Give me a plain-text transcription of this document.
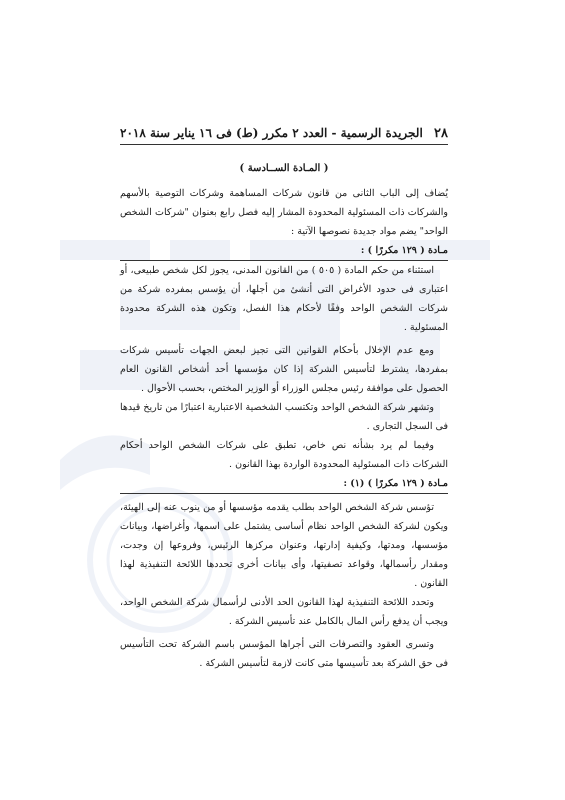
٢٨
الجريدة الرسمية - العدد ٢ مكرر (ط) فى ١٦ يناير سنة ٢٠١٨
( المـادة الســادسة )

يُضاف إلى الباب الثانى من قانون شركات المساهمة وشركات التوصية بالأسهم والشركات ذات المسئولية المحدودة المشار إليه فصل رابع بعنوان "شركات الشخص الواحد" يضم مواد جديدة نصوصها الآتية :

مـادة ( ١٢٩ مكررًا ) :

استثناء من حكم المادة ( ٥٠٥ ) من القانون المدنى، يجوز لكل شخص طبيعى، أو اعتبارى فى حدود الأغراض التى أنشئ من أجلها، أن يؤسس بمفرده شركة من شركات الشخص الواحد وفقًا لأحكام هذا الفصل، وتكون هذه الشركة محدودة المسئولية .

ومع عدم الإخلال بأحكام القوانين التى تجيز لبعض الجهات تأسيس شركات بمفردها، يشترط لتأسيس الشركة إذا كان مؤسسها أحد أشخاص القانون العام الحصول على موافقة رئيس مجلس الوزراء أو الوزير المختص، بحسب الأحوال .

وتشهر شركة الشخص الواحد وتكتسب الشخصية الاعتبارية اعتبارًا من تاريخ قيدها فى السجل التجارى .

وفيما لم يرد بشأنه نص خاص، تطبق على شركات الشخص الواحد أحكام الشركات ذات المسئولية المحدودة الواردة بهذا القانون .

مـادة ( ١٢٩ مكررًا ) (١) :

تؤسس شركة الشخص الواحد بطلب يقدمه مؤسسها أو من ينوب عنه إلى الهيئة، ويكون لشركة الشخص الواحد نظام أساسى يشتمل على اسمها، وأغراضها، وبيانات مؤسسها، ومدتها، وكيفية إدارتها، وعنوان مركزها الرئيس، وفروعها إن وجدت، ومقدار رأسمالها، وقواعد تصفيتها، وأى بيانات أخرى تحددها اللائحة التنفيذية لهذا القانون .

وتحدد اللائحة التنفيذية لهذا القانون الحد الأدنى لرأسمال شركة الشخص الواحد، ويجب أن يدفع رأس المال بالكامل عند تأسيس الشركة .

وتسرى العقود والتصرفات التى أجراها المؤسس باسم الشركة تحت التأسيس فى حق الشركة بعد تأسيسها متى كانت لازمة لتأسيس الشركة .
